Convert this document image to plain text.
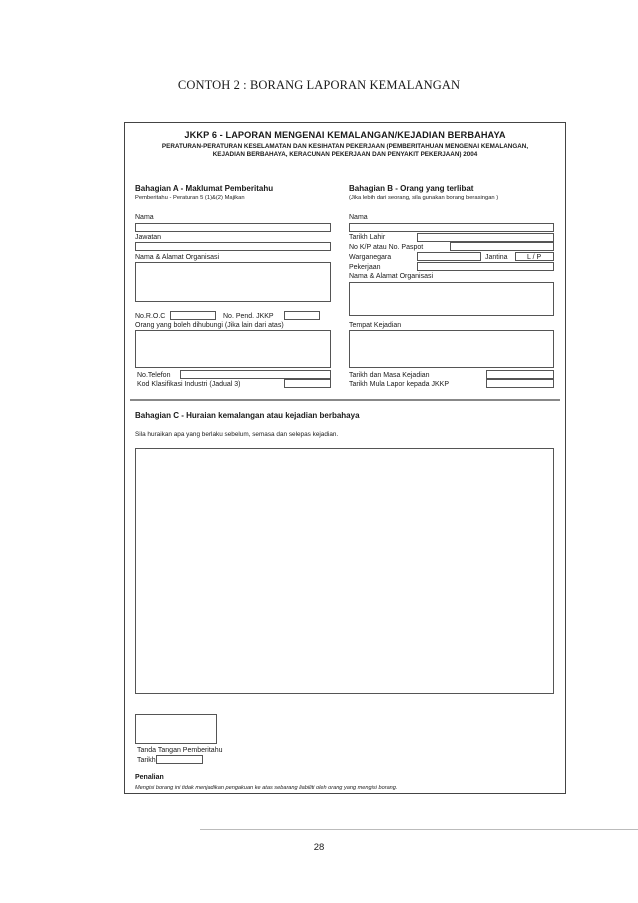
CONTOH 2 : BORANG LAPORAN KEMALANGAN
JKKP 6 - LAPORAN MENGENAI KEMALANGAN/KEJADIAN BERBAHAYA
PERATURAN-PERATURAN KESELAMATAN DAN KESIHATAN PEKERJAAN (PEMBERITAHUAN MENGENAI KEMALANGAN,
KEJADIAN BERBAHAYA, KERACUNAN PEKERJAAN DAN PENYAKIT PEKERJAAN) 2004
Bahagian A - Maklumat Pemberitahu
Pemberitahu - Peraturan 5 (1)&(2) Majikan
Nama
Jawatan
Nama & Alamat Organisasi
No.R.O.C	No. Pend. JKKP
Orang yang boleh dihubungi (Jika lain dari atas)
No.Telefon
Kod Klasifikasi Industri (Jadual 3)
Bahagian B - Orang yang terlibat
(Jika lebih dari seorang, sila gunakan borang berasingan )
Nama
Tarikh Lahir
No K/P atau No. Paspot
Warganegara	Jantina	L / P
Pekerjaan
Nama & Alamat Organisasi
Tempat Kejadian
Tarikh dan Masa Kejadian
Tarikh Mula Lapor kepada JKKP
Bahagian C - Huraian kemalangan atau kejadian berbahaya
Sila huraikan apa yang berlaku sebelum, semasa dan selepas kejadian.
Tanda Tangan Pemberitahu
Tarikh
Penalian
Mengisi borang ini tidak menjadikan pengakuan ke atas sebarang liabiliti oleh orang yang mengisi borang.
28
